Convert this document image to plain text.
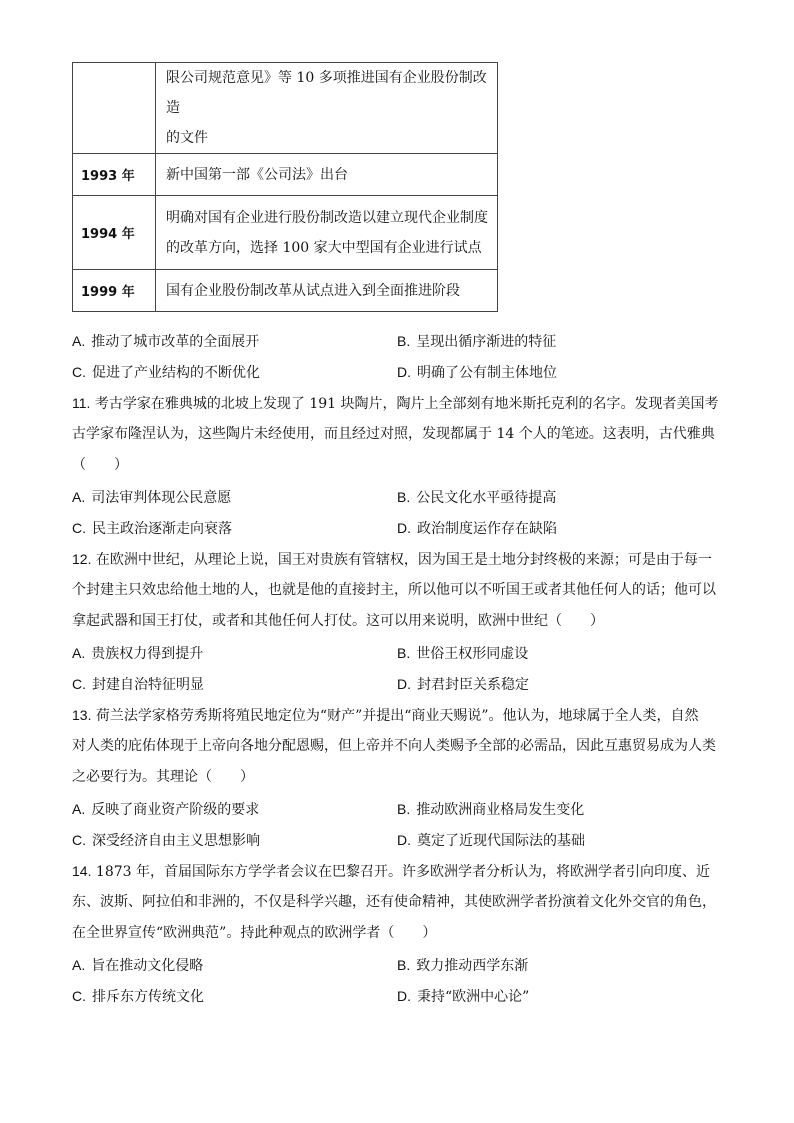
	限公司规范意见》等 10 多项推进国有企业股份制改造
的文件

1993 年	新中国第一部《公司法》出台

1994 年	明确对国有企业进行股份制改造以建立现代企业制度
的改革方向，选择 100 家大中型国有企业进行试点

1999 年	国有企业股份制改革从试点进入到全面推进阶段
A. 推动了城市改革的全面展开	B. 呈现出循序渐进的特征
C. 促进了产业结构的不断优化	D. 明确了公有制主体地位
11. 考古学家在雅典城的北坡上发现了 191 块陶片，陶片上全部刻有地米斯托克利的名字。发现者美国考
古学家布隆涅认为，这些陶片未经使用，而且经过对照，发现都属于 14 个人的笔迹。这表明，古代雅典
（　　）
A. 司法审判体现公民意愿	B. 公民文化水平亟待提高
C. 民主政治逐渐走向衰落	D. 政治制度运作存在缺陷
12. 在欧洲中世纪，从理论上说，国王对贵族有管辖权，因为国王是土地分封终极的来源；可是由于每一
个封建主只效忠给他土地的人，也就是他的直接封主，所以他可以不听国王或者其他任何人的话；他可以
拿起武器和国王打仗，或者和其他任何人打仗。这可以用来说明，欧洲中世纪（　　）
A. 贵族权力得到提升	B. 世俗王权形同虚设
C. 封建自治特征明显	D. 封君封臣关系稳定
13. 荷兰法学家格劳秀斯将殖民地定位为“财产”并提出“商业天赐说”。他认为，地球属于全人类，自然
对人类的庇佑体现于上帝向各地分配恩赐，但上帝并不向人类赐予全部的必需品，因此互惠贸易成为人类
之必要行为。其理论（　　）
A. 反映了商业资产阶级的要求	B. 推动欧洲商业格局发生变化
C. 深受经济自由主义思想影响	D. 奠定了近现代国际法的基础
14. 1873 年，首届国际东方学学者会议在巴黎召开。许多欧洲学者分析认为，将欧洲学者引向印度、近
东、波斯、阿拉伯和非洲的，不仅是科学兴趣，还有使命精神，其使欧洲学者扮演着文化外交官的角色，
在全世界宣传“欧洲典范”。持此种观点的欧洲学者（　　）
A. 旨在推动文化侵略	B. 致力推动西学东渐
C. 排斥东方传统文化	D. 秉持“欧洲中心论”
